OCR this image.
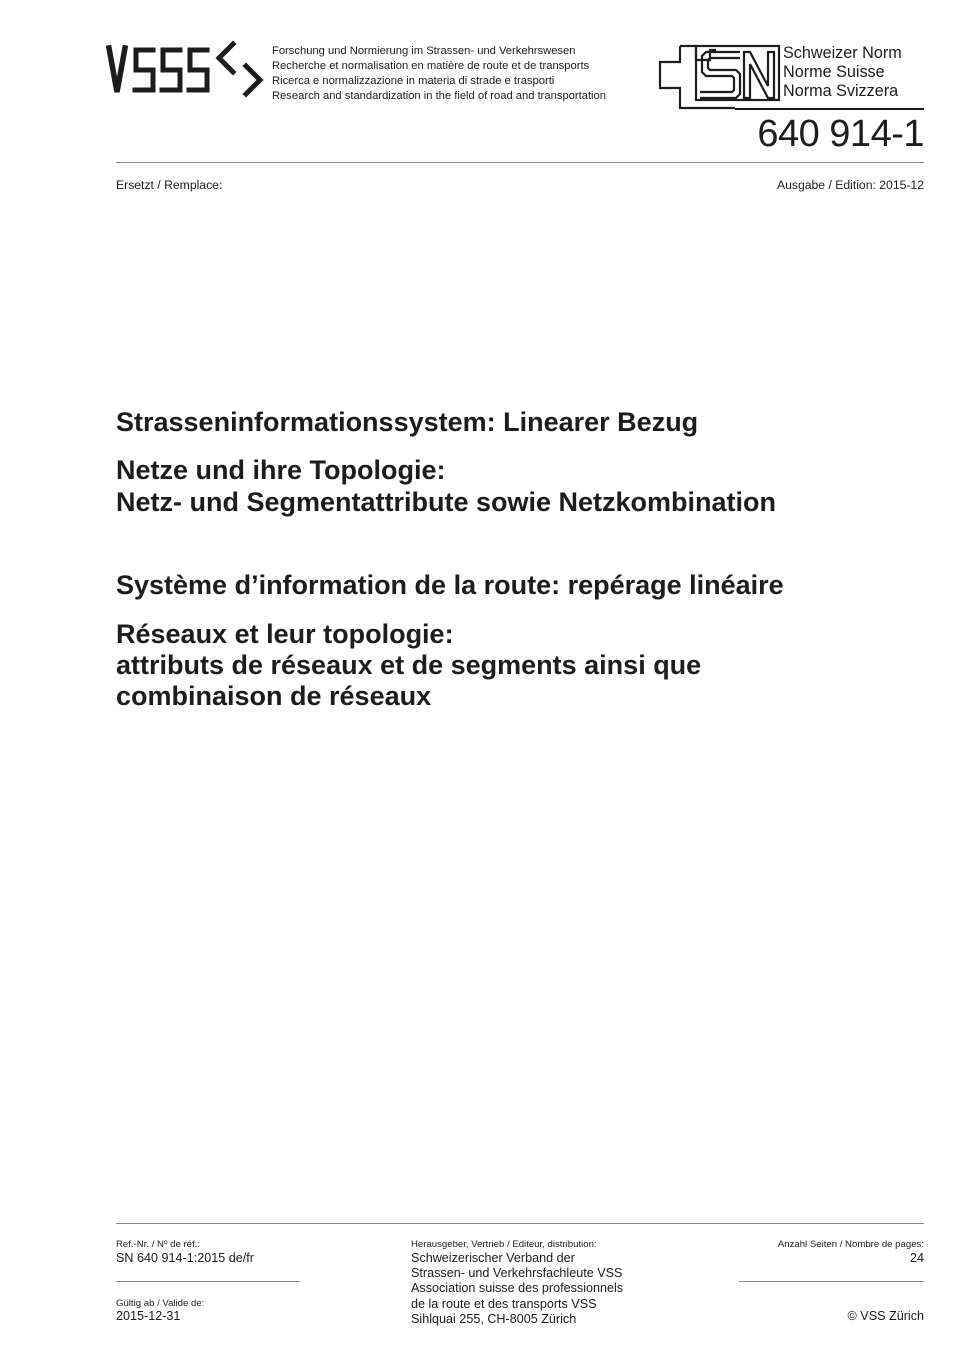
Forschung und Normierung im Strassen- und Verkehrswesen
Recherche et normalisation en matière de route et de transports
Ricerca e normalizzazione in materia di strade e trasporti
Research and standardization in the field of road and transportation
Schweizer Norm
Norme Suisse
Norma Svizzera
640 914-1
Ersetzt / Remplace:	Ausgabe / Edition: 2015-12
Strasseninformationssystem: Linearer Bezug
Netze und ihre Topologie:
Netz- und Segmentattribute sowie Netzkombination
Système d’information de la route: repérage linéaire
Réseaux et leur topologie:
attributs de réseaux et de segments ainsi que
combinaison de réseaux
Ref.-Nr. / Nº de réf.:
SN 640 914-1:2015 de/fr
Gültig ab / Valide de:
2015-12-31
Herausgeber, Vertrieb / Editeur, distribution:
Schweizerischer Verband der
Strassen- und Verkehrsfachleute VSS
Association suisse des professionnels
de la route et des transports VSS
Sihlquai 255, CH-8005 Zürich
Anzahl Seiten / Nombre de pages:
24
© VSS Zürich
